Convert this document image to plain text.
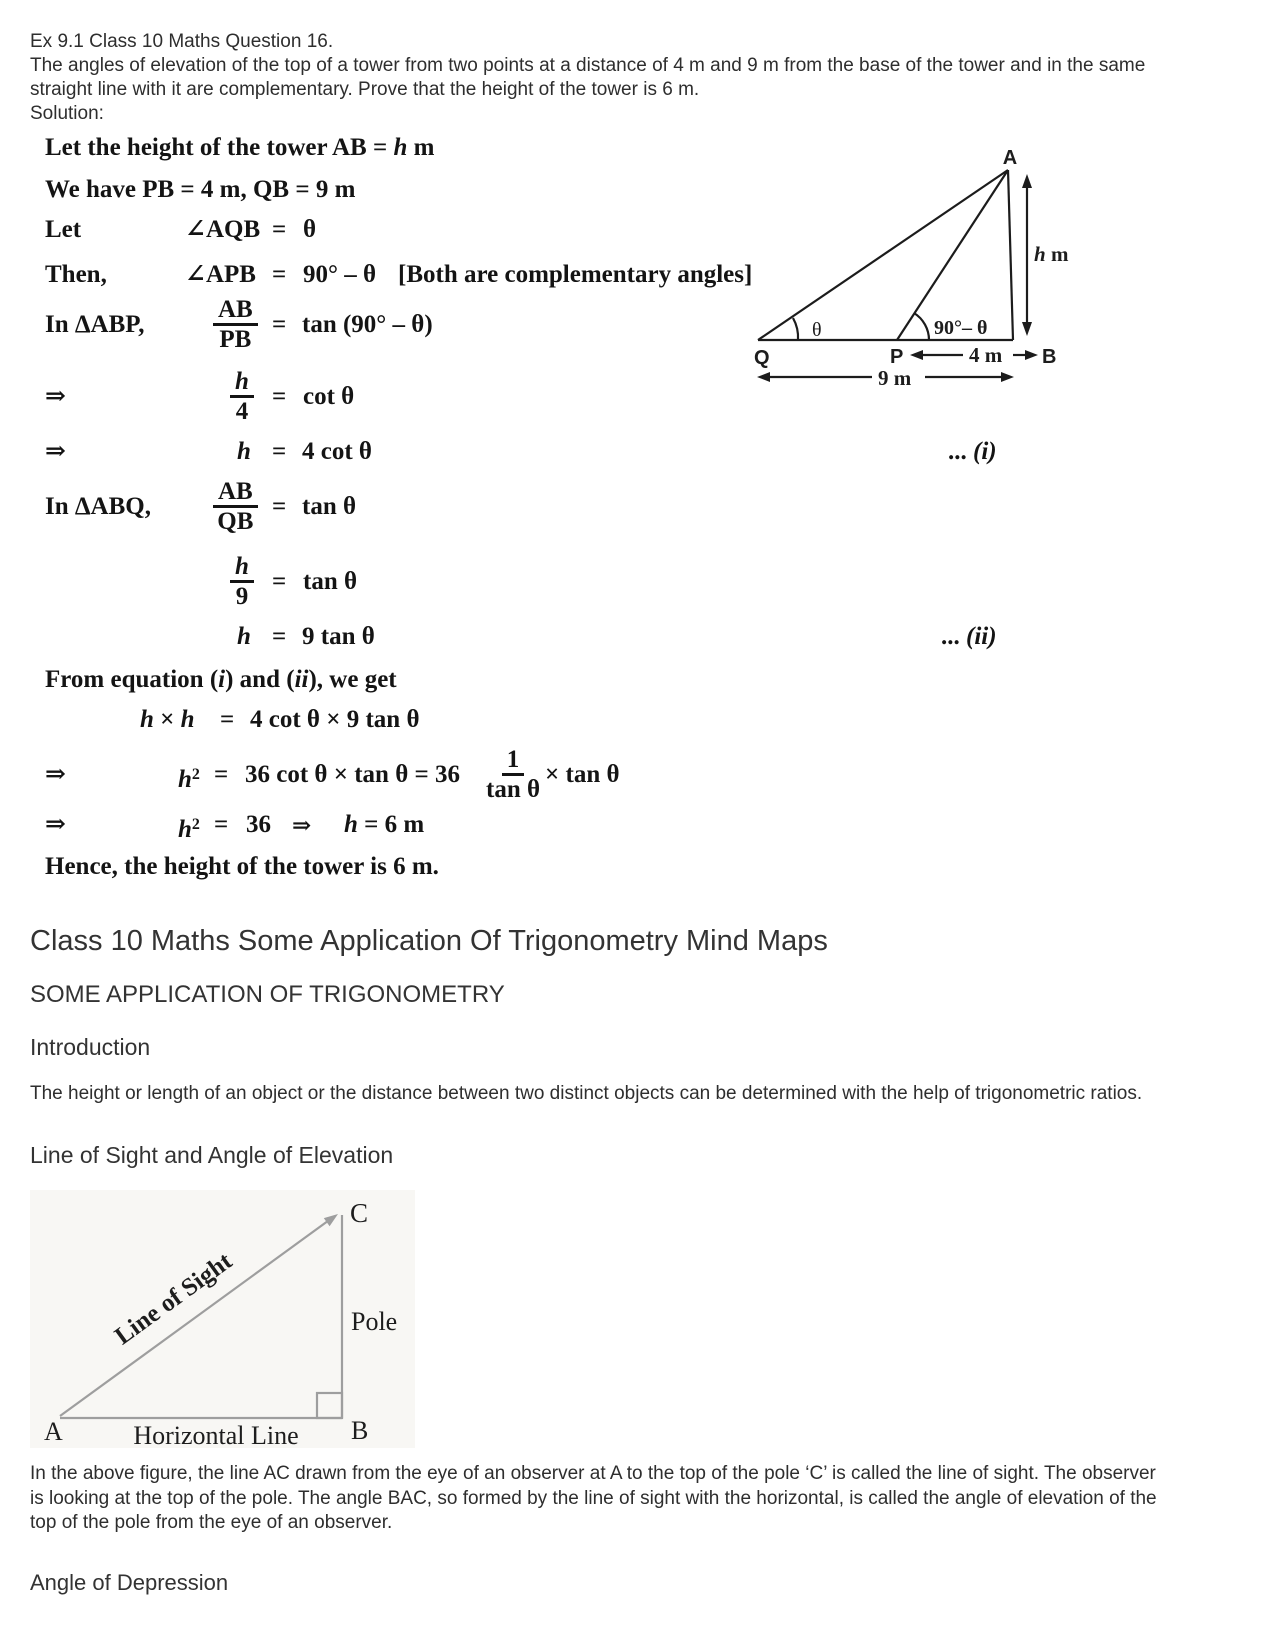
Ex 9.1 Class 10 Maths Question 16.
The angles of elevation of the top of a tower from two points at a distance of 4 m and 9 m from the base of the tower and in the same
straight line with it are complementary. Prove that the height of the tower is 6 m.
Solution:
Let the height of the tower AB = h m
We have PB = 4 m, QB = 9 m
Let	∠AQB = θ
Then,	∠APB = 90° – θ [Both are complementary angles]
In ΔABP,	$\frac{AB}{PB} = \tan (90^\circ - \theta)$
⇒	$\frac{h}{4} = \cot \theta$
⇒	h = 4 cot θ	... (i)
In ΔABQ, $\frac{AB}{QB} = \tan \theta$
$\frac{h}{9} = \tan \theta$
h = 9 tan θ	... (ii)
From equation (i) and (ii), we get
h × h = 4 cot θ × 9 tan θ
⇒	$h^2 = 36$ $\cot \theta \times \tan \theta = 36 \frac{1}{\text{tan θ}} \times \tan \theta$
⇒	$h^2 = 36$ ⇒ h = 6 m
Hence, the height of the tower is 6 m.
A
Q	P	B
θ	90°– θ
4 m
9 m
h m
Class 10 Maths Some Application Of Trigonometry Mind Maps
SOME APPLICATION OF TRIGONOMETRY
Introduction
The height or length of an object or the distance between two distinct objects can be determined with the help of trigonometric ratios.
Line of Sight and Angle of Elevation
C
Pole
A	B
Horizontal Line
Line of Sight
In the above figure, the line AC drawn from the eye of an observer at A to the top of the pole ‘C’ is called the line of sight. The observer
is looking at the top of the pole. The angle BAC, so formed by the line of sight with the horizontal, is called the angle of elevation of the
top of the pole from the eye of an observer.
Angle of Depression
